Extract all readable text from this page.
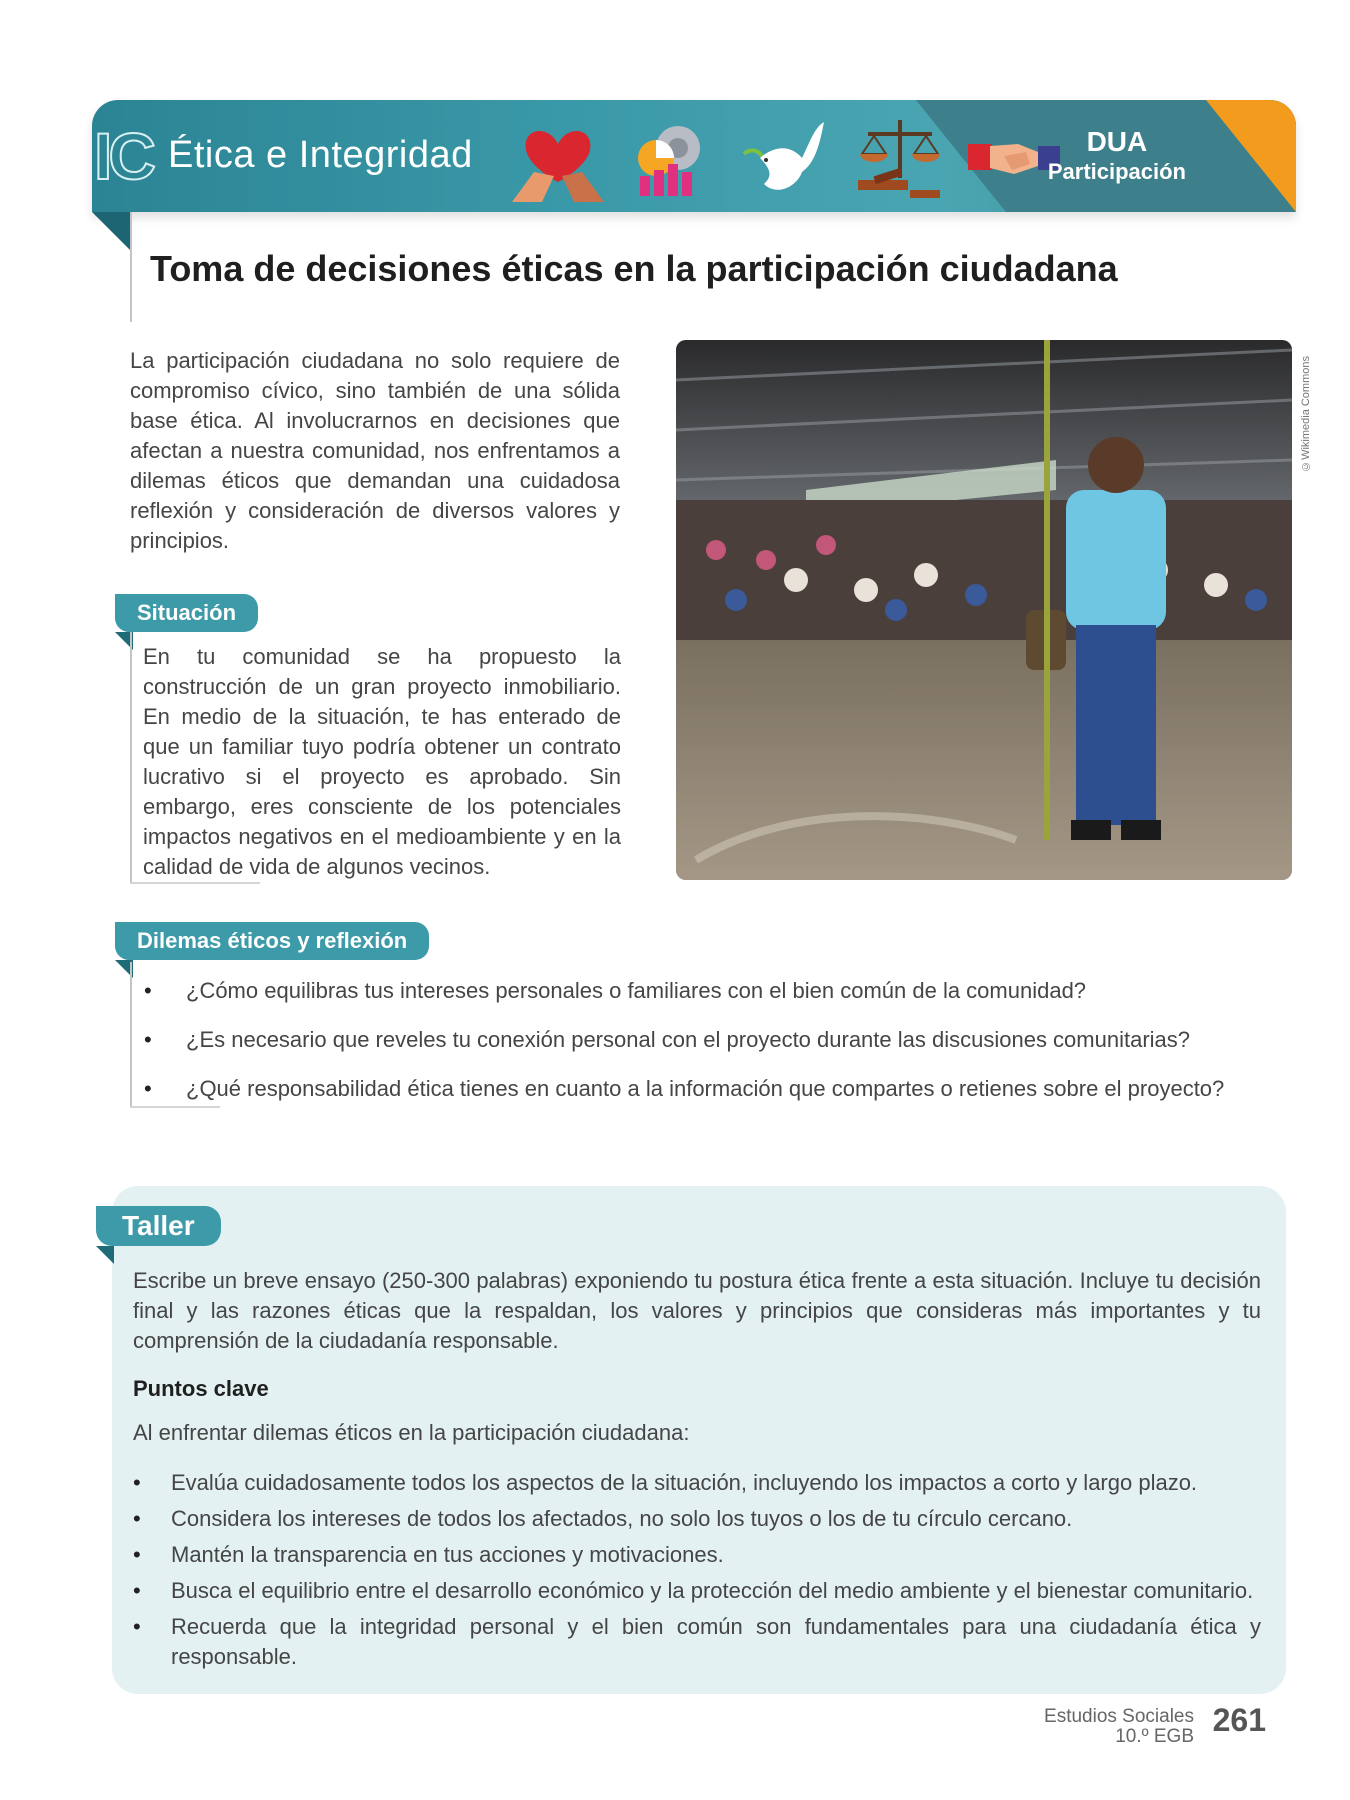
IC Ética e Integridad	DUA
Participación
Toma de decisiones éticas en la participación ciudadana

La participación ciudadana no solo requiere de compromiso cívico, sino también de una sólida base ética. Al involucrarnos en decisiones que afectan a nuestra comunidad, nos enfrentamos a dilemas éticos que demandan una cuidadosa reflexión y consideración de diversos valores y principios.

©Wikimedia Commons
Situación

En tu comunidad se ha propuesto la construcción de un gran proyecto inmobiliario. En medio de la situación, te has enterado de que un familiar tuyo podría obtener un contrato lucrativo si el proyecto es aprobado. Sin embargo, eres consciente de los potenciales impactos negativos en el medioambiente y en la calidad de vida de algunos vecinos.

Dilemas éticos y reflexión
• ¿Cómo equilibras tus intereses personales o familiares con el bien común de la comunidad?
• ¿Es necesario que reveles tu conexión personal con el proyecto durante las discusiones comunitarias?
• ¿Qué responsabilidad ética tienes en cuanto a la información que compartes o retienes sobre el proyecto?
Taller

Escribe un breve ensayo (250-300 palabras) exponiendo tu postura ética frente a esta situación. Incluye tu decisión final y las razones éticas que la respaldan, los valores y principios que consideras más importantes y tu comprensión de la ciudadanía responsable.

Puntos clave
Al enfrentar dilemas éticos en la participación ciudadana:
• Evalúa cuidadosamente todos los aspectos de la situación, incluyendo los impactos a corto y largo plazo.
• Considera los intereses de todos los afectados, no solo los tuyos o los de tu círculo cercano.
• Mantén la transparencia en tus acciones y motivaciones.
• Busca el equilibrio entre el desarrollo económico y la protección del medio ambiente y el bienestar comunitario.
• Recuerda que la integridad personal y el bien común son fundamentales para una ciudadanía ética y responsable.
Estudios Sociales
10.º EGB 261
